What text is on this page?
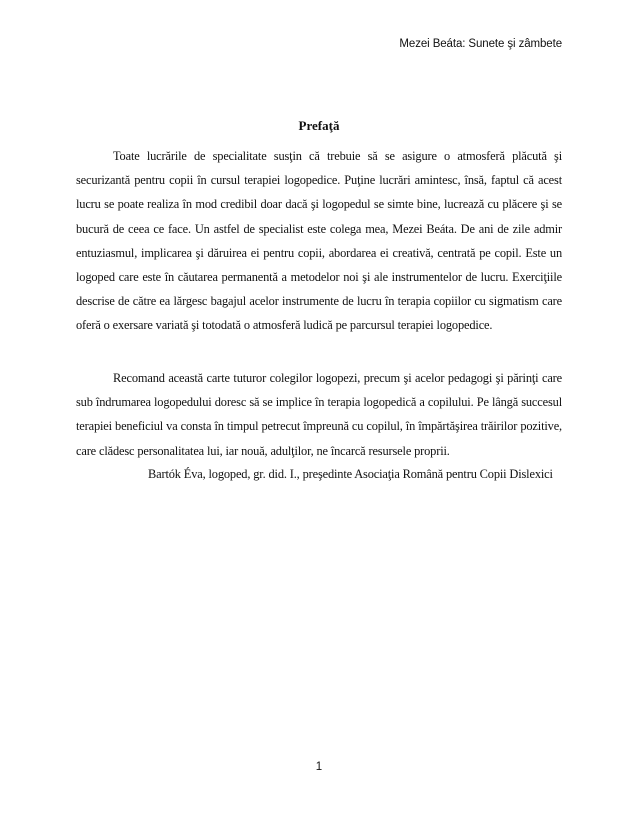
Mezei Beáta: Sunete şi zâmbete
Prefaţă

Toate lucrările de specialitate susţin că trebuie să se asigure o atmosferă plăcută şi securizantă pentru copii în cursul terapiei logopedice. Puţine lucrări amintesc, însă, faptul că acest lucru se poate realiza în mod credibil doar dacă şi logopedul se simte bine, lucrează cu plăcere şi se bucură de ceea ce face. Un astfel de specialist este colega mea, Mezei Beáta. De ani de zile admir entuziasmul, implicarea şi dăruirea ei pentru copii, abordarea ei creativă, centrată pe copil. Este un logoped care este în căutarea permanentă a metodelor noi şi ale instrumentelor de lucru. Exerciţiile descrise de către ea lărgesc bagajul acelor instrumente de lucru în terapia copiilor cu sigmatism care oferă o exersare variată şi totodată o atmosferă ludică pe parcursul terapiei logopedice.

Recomand această carte tuturor colegilor logopezi, precum şi acelor pedagogi şi părinţi care sub îndrumarea logopedului doresc să se implice în terapia logopedică a copilului. Pe lângă succesul terapiei beneficiul va consta în timpul petrecut împreună cu copilul, în împărtăşirea trăirilor pozitive, care clădesc personalitatea lui, iar nouă, adulţilor, ne încarcă resursele proprii.

Bartók Éva, logoped, gr. did. I., preşedinte Asociaţia Română pentru Copii Dislexici

1
